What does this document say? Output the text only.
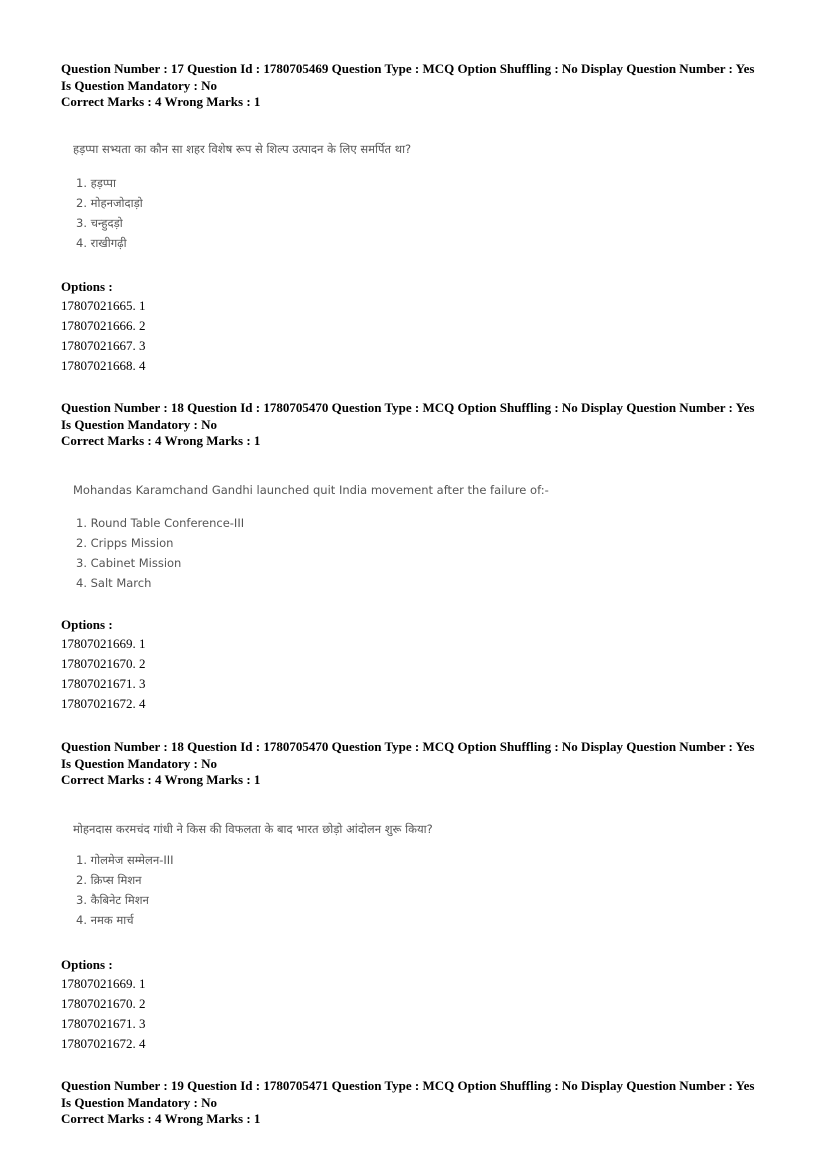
Question Number : 17 Question Id : 1780705469 Question Type : MCQ Option Shuffling : No Display Question Number : Yes
Is Question Mandatory : No
Correct Marks : 4 Wrong Marks : 1
हड़प्पा सभ्यता का कौन सा शहर विशेष रूप से शिल्प उत्पादन के लिए समर्पित था?
1. हड़प्पा
2. मोहनजोदाड़ो
3. चन्हुदड़ो
4. राखीगढ़ी
Options :
17807021665. 1
17807021666. 2
17807021667. 3
17807021668. 4
Question Number : 18 Question Id : 1780705470 Question Type : MCQ Option Shuffling : No Display Question Number : Yes
Is Question Mandatory : No
Correct Marks : 4 Wrong Marks : 1
Mohandas Karamchand Gandhi launched quit India movement after the failure of:-
1. Round Table Conference-III
2. Cripps Mission
3. Cabinet Mission
4. Salt March
Options :
17807021669. 1
17807021670. 2
17807021671. 3
17807021672. 4
Question Number : 18 Question Id : 1780705470 Question Type : MCQ Option Shuffling : No Display Question Number : Yes
Is Question Mandatory : No
Correct Marks : 4 Wrong Marks : 1
मोहनदास करमचंद गांधी ने किस की विफलता के बाद भारत छोड़ो आंदोलन शुरू किया?
1. गोलमेज सम्मेलन-III
2. क्रिप्स मिशन
3. कैबिनेट मिशन
4. नमक मार्च
Options :
17807021669. 1
17807021670. 2
17807021671. 3
17807021672. 4
Question Number : 19 Question Id : 1780705471 Question Type : MCQ Option Shuffling : No Display Question Number : Yes
Is Question Mandatory : No
Correct Marks : 4 Wrong Marks : 1
